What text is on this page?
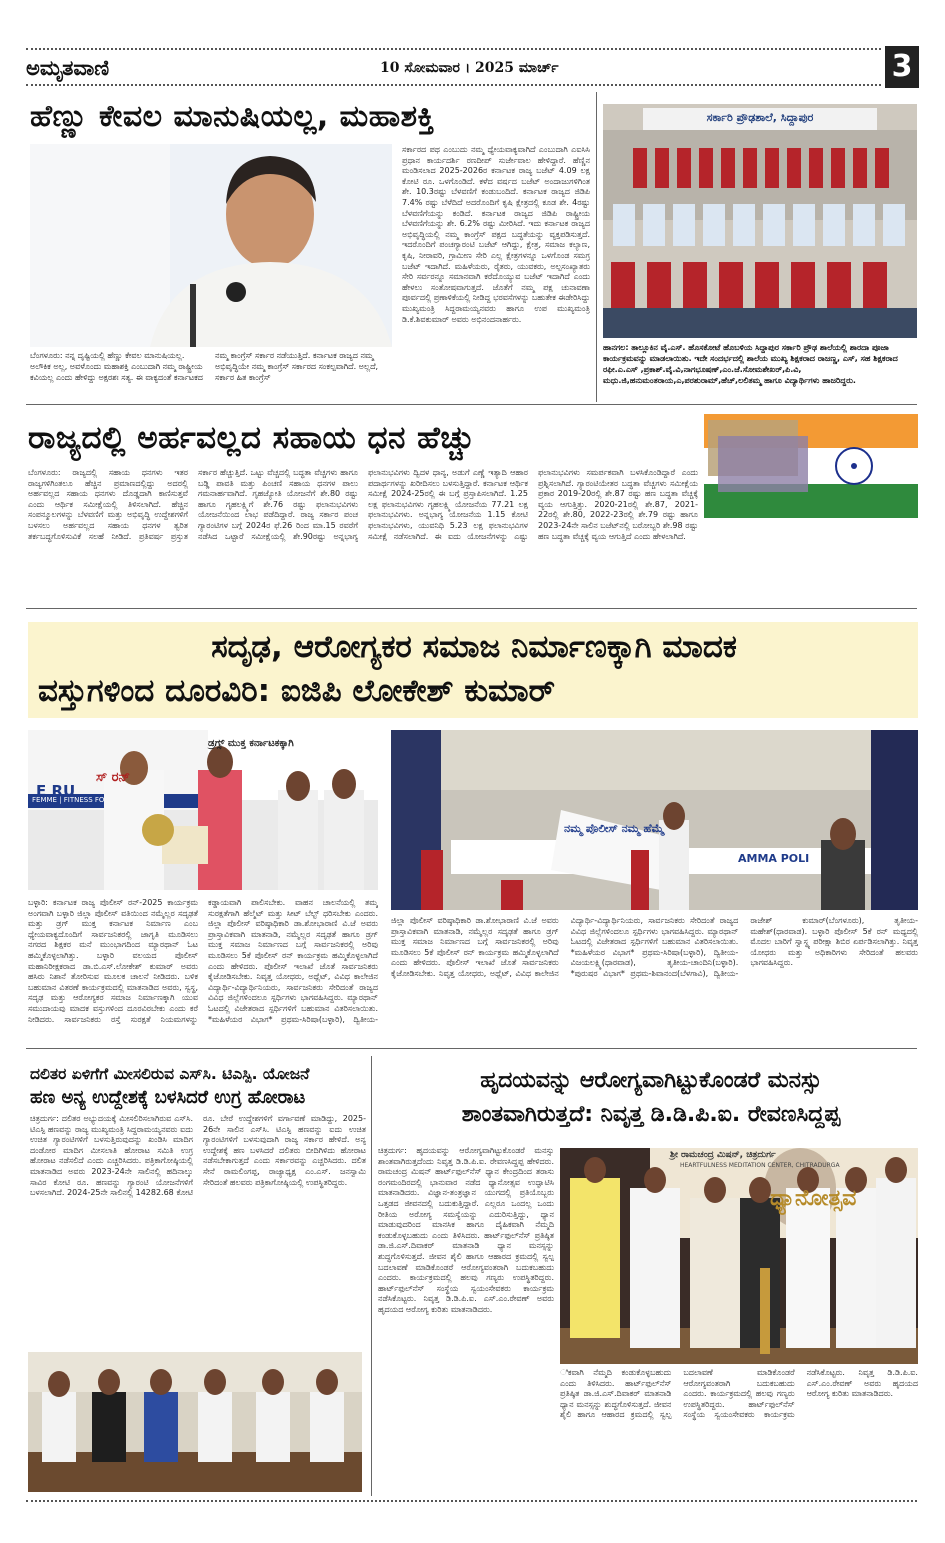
ಅಮೃತವಾಣಿ	10 ಸೋಮವಾರ । 2025 ಮಾರ್ಚ್	3
ಹೆಣ್ಣು ಕೇವಲ ಮಾನುಷಿಯಲ್ಲ, ಮಹಾಶಕ್ತಿ
ಬೆಂಗಳೂರು: ನನ್ನ ದೃಷ್ಟಿಯಲ್ಲಿ ಹೆಣ್ಣು ಕೇವಲ ಮಾನುಷಿಯಲ್ಲ. ಅಲೌಕಿಕ ಅಲ್ಲ, ಅವಳೊಂದು ಮಹಾಶಕ್ತಿ ಎಂಬುದಾಗಿ ನಮ್ಮ ರಾಷ್ಟ್ರೀಯ ಕವಿಯಲ್ಲ ಎಂದು ಹೇಳಿದ್ದು ಅಕ್ಷರಶಃ ಸತ್ಯ. ಈ ವಾಕ್ಯದಂತೆ ಕರ್ನಾಟಕದ ನಮ್ಮ ಕಾಂಗ್ರೆಸ್ ಸರ್ಕಾರ ನಡೆಯುತ್ತಿದೆ. ಕರ್ನಾಟಕ ರಾಜ್ಯದ ನಮ್ಮ ಅಭಿವೃದ್ಧಿಯೇ ನಮ್ಮ ಕಾಂಗ್ರೆಸ್ ಸರ್ಕಾರದ ಸಂಕಲ್ಪವಾಗಿದೆ. ಅಲ್ಲದೆ, ಸರ್ಕಾರ ಹಿತ ಕಾಂಗ್ರೆಸ್
ಸರ್ಕಾರದ ಪಥ ಎಂಬುದು ನಮ್ಮ ಧ್ಯೇಯವಾಕ್ಯವಾಗಿದೆ ಎಂಬುದಾಗಿ ಎಐಸಿಸಿ ಪ್ರಧಾನ ಕಾರ್ಯದರ್ಶಿ ರಣದೀಪ್ ಸುರ್ಜೇವಾಲ ಹೇಳಿದ್ದಾರೆ. ಹೆಣ್ಣಿನ ಮಂಡಿಸಲಾದ 2025-2026ರ ಕರ್ನಾಟಕ ರಾಜ್ಯ ಬಜೆಟ್ 4.09 ಲಕ್ಷ ಕೋಟಿ ರೂ. ಒಳಗೊಂಡಿದೆ. ಕಳೆದ ವರ್ಷದ ಬಜೆಟ್ ಅಂದಾಜುಗಳಿಗಿಂತ ಶೇ. 10.3ರಷ್ಟು ಬೆಳವಣಿಗೆ ಕಂಡುಬಂದಿದೆ. ಕರ್ನಾಟಕ ರಾಜ್ಯದ ಜಿಡಿಪಿ 7.4% ರಷ್ಟು ಬೆಳೆದಿದೆ ಅದರೊಂದಿಗೆ ಕೃಷಿ ಕ್ಷೇತ್ರದಲ್ಲಿ ಕೂಡ ಶೇ. 4ರಷ್ಟು ಬೆಳವಣಿಗೆಯನ್ನು ಕಂಡಿದೆ. ಕರ್ನಾಟಕ ರಾಜ್ಯದ ಜಿಡಿಪಿ ರಾಷ್ಟ್ರೀಯ ಬೆಳವಣಿಗೆಯನ್ನು ಶೇ. 6.2% ರಷ್ಟು ಮೀರಿಸಿದೆ. ಇದು ಕರ್ನಾಟಕ ರಾಜ್ಯದ ಅಭಿವೃದ್ಧಿಯಲ್ಲಿ ನಮ್ಮ ಕಾಂಗ್ರೆಸ್ ಪಕ್ಷದ ಬದ್ಧತೆಯನ್ನು ವ್ಯಕ್ತಪಡಿಸುತ್ತದೆ. ಇದರೊಂದಿಗೆ ಪಂಚಗ್ಯಾರಂಟಿ ಬಜೆಟ್ ಆಗಿದ್ದು, ಕ್ಷೇತ್ರ, ಸಮಾಜ ಕಲ್ಯಾಣ, ಕೃಷಿ, ನೀರಾವರಿ, ಗ್ರಾಮೀಣ ಸೇರಿ ಎಲ್ಲ ಕ್ಷೇತ್ರಗಳನ್ನೂ ಒಳಗೊಂಡ ಸಮಗ್ರ ಬಜೆಟ್ ಇದಾಗಿದೆ. ಮಹಿಳೆಯರು, ರೈತರು, ಯುವಕರು, ಅಲ್ಪಸಂಖ್ಯಾತರು ಸೇರಿ ಸರ್ವರನ್ನೂ ಸಮಾನವಾಗಿ ಕರೆದೊಯ್ಯುವ ಬಜೆಟ್ ಇದಾಗಿದೆ ಎಂದು ಹೇಳಲು ಸಂತೋಷವಾಗುತ್ತದೆ. ಜೊತೆಗೆ ನಮ್ಮ ಪಕ್ಷ ಚುನಾವಣಾ ಪೂರ್ವದಲ್ಲಿ ಪ್ರಣಾಳಿಕೆಯಲ್ಲಿ ನೀಡಿದ್ದ ಭರವಸೆಗಳನ್ನು ಬಹುತೇಕ ಈಡೇರಿಸಿದ್ದು ಮುಖ್ಯಮಂತ್ರಿ ಸಿದ್ದರಾಮಯ್ಯನವರು ಹಾಗೂ ಉಪ ಮುಖ್ಯಮಂತ್ರಿ ಡಿ.ಕೆ.ಶಿವಕುಮಾರ್ ಅವರು ಅಭಿನಂದನಾರ್ಹರು.
ಸರ್ಕಾರಿ ಪ್ರೌಢಶಾಲೆ, ಸಿದ್ದಾಪುರ
ಹಾನಗಲ: ತಾಲ್ಲೂಕಿನ ವೈ.ಎಸ್. ಹೊಸಕೋಟೆ ಹೊಬಳಿಯ ಸಿದ್ದಾಪುರ ಸರ್ಕಾರಿ ಪ್ರೌಢ ಶಾಲೆಯಲ್ಲಿ ಶಾರದಾ ಪೂಜಾ ಕಾರ್ಯಕ್ರಮವನ್ನು ಮಾಡಲಾಯಿತು. ಇದೇ ಸಂದರ್ಭದಲ್ಲಿ ಶಾಲೆಯ ಮುಖ್ಯ ಶಿಕ್ಷಕರಾದ ರಾಜಣ್ಣ, ಎಸ್, ಸಹ ಶಿಕ್ಷಕರಾದ ರಫೀ.ಎ.ಎಸ್ ,ಪ್ರಕಾಶ್.ವೈ.ವಿ,ನಾಗಭೂಷಣ್,ಎಂ.ಜೆ.ಸೋಮಶೇಖರ್,ಪಿ.ವಿ, ಮಧು.ಜಿ,ಹನುಮಂತರಾಯ,ಎ,ಪರಶುರಾಮ್,ಹೆಚ್,ಲಲಿತಮ್ಮ ಹಾಗೂ ವಿದ್ಯಾರ್ಥಿಗಳು ಹಾಜರಿದ್ದರು.
ರಾಜ್ಯದಲ್ಲಿ ಅರ್ಹವಲ್ಲದ ಸಹಾಯ ಧನ ಹೆಚ್ಚು
ಬೆಂಗಳೂರು: ರಾಜ್ಯದಲ್ಲಿ ಸಹಾಯ ಧನಗಳು ಇತರ ರಾಜ್ಯಗಳಿಗಿಂತಲೂ ಹೆಚ್ಚಿನ ಪ್ರಮಾಣದಲ್ಲಿದ್ದು ಅದರಲ್ಲಿ ಅರ್ಹವಲ್ಲದ ಸಹಾಯ ಧನಗಳು ದೊಡ್ಡದಾಗಿ ಕಾಣಿಸುತ್ತವೆ ಎಂದು ಆರ್ಥಿಕ ಸಮೀಕ್ಷೆಯಲ್ಲಿ ತಿಳಿಸಲಾಗಿದೆ. ಹೆಚ್ಚಿನ ಸಂಪನ್ಮೂಲಗಳನ್ನು ಬೆಳವಣಿಗೆ ಮತ್ತು ಅಭಿವೃದ್ಧಿ ಉದ್ದೇಶಗಳಿಗೆ ಬಳಸಲು ಅರ್ಹವಲ್ಲದ ಸಹಾಯ ಧನಗಳ ತ್ವರಿತ ತರ್ಕಬದ್ಧಗೊಳಿಸುವಿಕೆ ಸಲಹೆ ನೀಡಿದೆ. ಪ್ರತಿವರ್ಷ ಪ್ರಸ್ತುತ ಸರ್ಕಾರ ಹೆಚ್ಚುತ್ತಿದೆ. ಒಟ್ಟು ವೆಚ್ಚದಲ್ಲಿ ಬದ್ಧತಾ ವೆಚ್ಚಗಳು ಹಾಗೂ ಬಡ್ಡಿ ಪಾವತಿ ಮತ್ತು ಪಿಂಚಣಿ ಸಹಾಯ ಧನಗಳ ಪಾಲು ಗಮನಾರ್ಹವಾಗಿದೆ. ಗೃಹಜ್ಯೋತಿ ಯೋಜನೆಗೆ ಶೇ.80 ರಷ್ಟು ಹಾಗೂ ಗೃಹಲಕ್ಷ್ಮಿಗೆ ಶೇ.76 ರಷ್ಟು ಫಲಾನುಭವಿಗಳು ಯೋಜನೆಯಿಂದ ಲಾಭ ಪಡೆದಿದ್ದಾರೆ. ರಾಜ್ಯ ಸರ್ಕಾರ ಪಂಚ ಗ್ಯಾರಂಟಿಗಳ ಬಗ್ಗೆ 2024ರ ಫೆ.26 ರಿಂದ ಮಾ.15 ರವರೆಗೆ ನಡೆಸಿದ ಒಟ್ಟಾರೆ ಸಮೀಕ್ಷೆಯಲ್ಲಿ ಶೇ.90ರಷ್ಟು ಅನ್ನಭಾಗ್ಯ ಫಲಾನುಭವಿಗಳು ದ್ವಿದಳ ಧಾನ್ಯ, ಅಡುಗೆ ಎಣ್ಣೆ ಇತ್ಯಾದಿ ಆಹಾರ ಪದಾರ್ಥಗಳನ್ನು ಖರೀದಿಸಲು ಬಳಸುತ್ತಿದ್ದಾರೆ. ಕರ್ನಾಟಕ ಆರ್ಥಿಕ ಸಮೀಕ್ಷೆ 2024-25ರಲ್ಲಿ ಈ ಬಗ್ಗೆ ಪ್ರಸ್ತಾಪಿಸಲಾಗಿದೆ. 1.25 ಲಕ್ಷ ಫಲಾನುಭವಿಗಳು ಗೃಹಲಕ್ಷ್ಮಿ ಯೋಜನೆಯ 77.21 ಲಕ್ಷ ಫಲಾನುಭವಿಗಳು. ಅನ್ನಭಾಗ್ಯ ಯೋಜನೆಯ 1.15 ಕೋಟಿ ಫಲಾನುಭವಿಗಳು, ಯುವನಿಧಿ 5.23 ಲಕ್ಷ ಫಲಾನುಭವಿಗಳ ಸಮೀಕ್ಷೆ ನಡೆಸಲಾಗಿದೆ. ಈ ಐದು ಯೋಜನೆಗಳನ್ನು ಎಷ್ಟು ಫಲಾನುಭವಿಗಳು ಸಮರ್ಪಕವಾಗಿ ಬಳಸಿಕೊಂಡಿದ್ದಾರೆ ಎಂದು ಪ್ರಶ್ನಿಸಲಾಗಿದೆ. ಗ್ಯಾರಂಟಿಯೇತರ ಬದ್ಧತಾ ವೆಚ್ಚಗಳು ಸಮೀಕ್ಷೆಯ ಪ್ರಕಾರ 2019-20ರಲ್ಲಿ ಶೇ.87 ರಷ್ಟು ಹಣ ಬದ್ಧತಾ ವೆಚ್ಚಕ್ಕೆ ವ್ಯಯ ಆಗುತ್ತಿತ್ತು. 2020-21ರಲ್ಲಿ ಶೇ.87, 2021-22ರಲ್ಲಿ ಶೇ.80, 2022-23ರಲ್ಲಿ ಶೇ.79 ರಷ್ಟು ಹಾಗೂ 2023-24ನೇ ಸಾಲಿನ ಬಜೆಟ್‌ನಲ್ಲಿ ಬರೋಬ್ಬರಿ ಶೇ.98 ರಷ್ಟು ಹಣ ಬದ್ಧತಾ ವೆಚ್ಚಕ್ಕೆ ವ್ಯಯ ಆಗುತ್ತಿದೆ ಎಂದು ಹೇಳಲಾಗಿದೆ.
ಸದೃಢ, ಆರೋಗ್ಯಕರ ಸಮಾಜ ನಿರ್ಮಾಣಕ್ಕಾಗಿ ಮಾದಕ
ವಸ್ತುಗಳಿಂದ ದೂರವಿರಿ: ಐಜಿಪಿ ಲೋಕೇಶ್ ಕುಮಾರ್
ಡ್ರಗ್ಸ್ ಮುಕ್ತ ಕರ್ನಾಟಕಕ್ಕಾಗಿ
ಸ್ ರನ್
E RU
FEMME | FITNESS FO
ನಮ್ಮ ಪೊಲೀಸ್ ನಮ್ಮ ಹೆಮ್ಮೆ
AMMA POLI
ಬಳ್ಳಾರಿ: ಕರ್ನಾಟಕ ರಾಜ್ಯ ಪೊಲೀಸ್ ರನ್-2025 ಕಾರ್ಯಕ್ರಮ ಅಂಗವಾಗಿ ಬಳ್ಳಾರಿ ಜಿಲ್ಲಾ ಪೊಲೀಸ್ ವತಿಯಿಂದ ನಮ್ಮೆಲ್ಲರ ಸದೃಢತೆ ಮತ್ತು ಡ್ರಗ್ ಮುಕ್ತ ಕರ್ನಾಟಕ ನಿರ್ಮಾಣ ಎಂಬ ಧ್ಯೇಯವಾಕ್ಯದೊಂದಿಗೆ ಸಾರ್ವಜನಿಕರಲ್ಲಿ ಜಾಗೃತಿ ಮೂಡಿಸಲು ನಗರದ ಶಿಕ್ಷಕರ ಮನೆ ಮುಂಭಾಗದಿಂದ ಮ್ಯಾರಥಾನ್ ಓಟ ಹಮ್ಮಿಕೊಳ್ಳಲಾಗಿತ್ತು. ಬಳ್ಳಾರಿ ವಲಯದ ಪೊಲೀಸ್ ಮಹಾನಿರೀಕ್ಷಕರಾದ ಡಾ.ಬಿ.ಎಸ್.ಲೋಕೇಶ್ ಕುಮಾರ್ ಅವರು ಹಸಿರು ನಿಶಾನೆ ತೋರಿಸುವ ಮೂಲಕ ಚಾಲನೆ ನೀಡಿದರು. ಬಳಿಕ ಬಹುಮಾನ ವಿತರಣೆ ಕಾರ್ಯಕ್ರಮದಲ್ಲಿ ಮಾತನಾಡಿದ ಅವರು, ಸ್ವಸ್ಥ, ಸದೃಢ ಮತ್ತು ಆರೋಗ್ಯಕರ ಸಮಾಜ ನಿರ್ಮಾಣಕ್ಕಾಗಿ ಯುವ ಸಮುದಾಯವು ಮಾದಕ ವಸ್ತುಗಳಿಂದ ದೂರವಿರಬೇಕು ಎಂದು ಕರೆ ನೀಡಿದರು. ಸಾರ್ವಜನಿಕರು ರಸ್ತೆ ಸುರಕ್ಷತೆ ನಿಯಮಗಳನ್ನು ಕಡ್ಡಾಯವಾಗಿ ಪಾಲಿಸಬೇಕು. ವಾಹನ ಚಾಲನೆಯಲ್ಲಿ ತಮ್ಮ ಸುರಕ್ಷತೆಗಾಗಿ ಹೆಲ್ಮೆಟ್ ಮತ್ತು ಸೀಟ್ ಬೆಲ್ಟ್ ಧರಿಸಬೇಕು ಎಂದರು. ಜಿಲ್ಲಾ ಪೊಲೀಸ್ ವರಿಷ್ಠಾಧಿಕಾರಿ ಡಾ.ಶೋಭಾರಾಣಿ ವಿ.ಜೆ ಅವರು ಪ್ರಾಸ್ತಾವಿಕವಾಗಿ ಮಾತನಾಡಿ, ನಮ್ಮೆಲ್ಲರ ಸದೃಢತೆ ಹಾಗೂ ಡ್ರಗ್ ಮುಕ್ತ ಸಮಾಜ ನಿರ್ಮಾಣದ ಬಗ್ಗೆ ಸಾರ್ವಜನಿಕರಲ್ಲಿ ಅರಿವು ಮೂಡಿಸಲು 5ಕೆ ಪೊಲೀಸ್ ರನ್ ಕಾರ್ಯಕ್ರಮ ಹಮ್ಮಿಕೊಳ್ಳಲಾಗಿದೆ ಎಂದು ಹೇಳಿದರು. ಪೊಲೀಸ್ ಇಲಾಖೆ ಜೊತೆ ಸಾರ್ವಜನಿಕರು ಕೈಜೋಡಿಸಬೇಕು. ನಿವೃತ್ತ ಯೋಧರು, ಅಥ್ಲೆಟ್, ವಿವಿಧ ಕಾಲೇಜಿನ ವಿದ್ಯಾರ್ಥಿ-ವಿದ್ಯಾರ್ಥಿನಿಯರು, ಸಾರ್ವಜನಿಕರು ಸೇರಿದಂತೆ ರಾಜ್ಯದ ವಿವಿಧ ಜಿಲ್ಲೆಗಳಿಂದಲೂ ಸ್ಪರ್ಧಿಗಳು ಭಾಗವಹಿಸಿದ್ದರು. ಮ್ಯಾರಥಾನ್ ಓಟದಲ್ಲಿ ವಿಜೇತರಾದ ಸ್ಪರ್ಧಿಗಳಿಗೆ ಬಹುಮಾನ ವಿತರಿಸಲಾಯಿತು. *ಮಹಿಳೆಯರ ವಿಭಾಗ* ಪ್ರಥಮ-ಸಿರಿಷಾ(ಬಳ್ಳಾರಿ), ದ್ವಿತೀಯ-
ಜಿಲ್ಲಾ ಪೊಲೀಸ್ ವರಿಷ್ಠಾಧಿಕಾರಿ ಡಾ.ಶೋಭಾರಾಣಿ ವಿ.ಜೆ ಅವರು ಪ್ರಾಸ್ತಾವಿಕವಾಗಿ ಮಾತನಾಡಿ, ನಮ್ಮೆಲ್ಲರ ಸದೃಢತೆ ಹಾಗೂ ಡ್ರಗ್ ಮುಕ್ತ ಸಮಾಜ ನಿರ್ಮಾಣದ ಬಗ್ಗೆ ಸಾರ್ವಜನಿಕರಲ್ಲಿ ಅರಿವು ಮೂಡಿಸಲು 5ಕೆ ಪೊಲೀಸ್ ರನ್ ಕಾರ್ಯಕ್ರಮ ಹಮ್ಮಿಕೊಳ್ಳಲಾಗಿದೆ ಎಂದು ಹೇಳಿದರು. ಪೊಲೀಸ್ ಇಲಾಖೆ ಜೊತೆ ಸಾರ್ವಜನಿಕರು ಕೈಜೋಡಿಸಬೇಕು. ನಿವೃತ್ತ ಯೋಧರು, ಅಥ್ಲೆಟ್, ವಿವಿಧ ಕಾಲೇಜಿನ ವಿದ್ಯಾರ್ಥಿ-ವಿದ್ಯಾರ್ಥಿನಿಯರು, ಸಾರ್ವಜನಿಕರು ಸೇರಿದಂತೆ ರಾಜ್ಯದ ವಿವಿಧ ಜಿಲ್ಲೆಗಳಿಂದಲೂ ಸ್ಪರ್ಧಿಗಳು ಭಾಗವಹಿಸಿದ್ದರು. ಮ್ಯಾರಥಾನ್ ಓಟದಲ್ಲಿ ವಿಜೇತರಾದ ಸ್ಪರ್ಧಿಗಳಿಗೆ ಬಹುಮಾನ ವಿತರಿಸಲಾಯಿತು. *ಮಹಿಳೆಯರ ವಿಭಾಗ* ಪ್ರಥಮ-ಸಿರಿಷಾ(ಬಳ್ಳಾರಿ), ದ್ವಿತೀಯ-ವಿಜಯಲಕ್ಷ್ಮಿ(ಧಾರವಾಡ), ತೃತೀಯ-ಚಾಂದಿನಿ(ಬಳ್ಳಾರಿ). *ಪುರುಷರ ವಿಭಾಗ* ಪ್ರಥಮ-ಶಿವಾನಂದ(ಬೆಳಗಾವಿ), ದ್ವಿತೀಯ-ರಾಜೇಶ್ ಕುಮಾರ್(ಬೆಂಗಳೂರು), ತೃತೀಯ-ಮಹೇಶ್(ಧಾರವಾಡ). ಬಳ್ಳಾರಿ ಪೊಲೀಸ್ 5ಕೆ ರನ್ ಮಧ್ಯದಲ್ಲಿ ಮೊದಲ ಬಾರಿಗೆ ಸ್ವಾಸ್ಥ್ಯ ಪರೀಕ್ಷಾ ಶಿಬಿರ ಏರ್ಪಡಿಸಲಾಗಿತ್ತು. ನಿವೃತ್ತ ಯೋಧರು ಮತ್ತು ಅಧಿಕಾರಿಗಳು ಸೇರಿದಂತೆ ಹಲವರು ಭಾಗವಹಿಸಿದ್ದರು.
ದಲಿತರ ಏಳಿಗೆಗೆ ಮೀಸಲಿರುವ ಎಸ್‌ಸಿ. ಟಿಎಸ್ಪಿ. ಯೋಜನೆ
ಹಣ ಅನ್ಯ ಉದ್ದೇಶಕ್ಕೆ ಬಳಸಿದರೆ ಉಗ್ರ ಹೋರಾಟ
ಚಿತ್ರದುರ್ಗ: ದಲಿತರ ಅಭ್ಯುದಯಕ್ಕೆ ಮೀಸಲಿರಿಸಲಾಗಿರುವ ಎಸ್‌ಸಿ. ಟಿಎಸ್ಪಿ ಹಣವನ್ನು ರಾಜ್ಯ ಮುಖ್ಯಮಂತ್ರಿ ಸಿದ್ದರಾಮಯ್ಯನವರು ಐದು ಉಚಿತ ಗ್ಯಾರಂಟಿಗಳಿಗೆ ಬಳಸುತ್ತಿರುವುದನ್ನು ಖಂಡಿಸಿ ಮಾದಿಗ ದಂಡೋರ ಮಾದಿಗ ಮೀಸಲಾತಿ ಹೋರಾಟ ಸಮಿತಿ ಉಗ್ರ ಹೋರಾಟ ನಡೆಸಲಿದೆ ಎಂದು ಎಚ್ಚರಿಸಿದರು. ಪತ್ರಿಕಾಗೋಷ್ಠಿಯಲ್ಲಿ ಮಾತನಾಡಿದ ಅವರು 2023-24ನೇ ಸಾಲಿನಲ್ಲಿ ಹದಿನಾಲ್ಕು ಸಾವಿರ ಕೋಟಿ ರೂ. ಹಣವನ್ನು ಗ್ಯಾರಂಟಿ ಯೋಜನೆಗಳಿಗೆ ಬಳಸಲಾಗಿದೆ. 2024-25ನೇ ಸಾಲಿನಲ್ಲಿ 14282.68 ಕೋಟಿ ರೂ. ಬೇರೆ ಉದ್ದೇಶಗಳಿಗೆ ವರ್ಗಾವಣೆ ಮಾಡಿದ್ದು, 2025-26ನೇ ಸಾಲಿನ ಎಸ್‌ಸಿ. ಟಿಎಸ್ಪಿ ಹಣವನ್ನು ಐದು ಉಚಿತ ಗ್ಯಾರಂಟಿಗಳಿಗೆ ಬಳಸುವುದಾಗಿ ರಾಜ್ಯ ಸರ್ಕಾರ ಹೇಳಿದೆ. ಅನ್ಯ ಉದ್ದೇಶಕ್ಕೆ ಹಣ ಬಳಸಿದರೆ ದಲಿತರು ಬೀದಿಗಿಳಿದು ಹೋರಾಟ ನಡೆಸಬೇಕಾಗುತ್ತದೆ ಎಂದು ಸರ್ಕಾರವನ್ನು ಎಚ್ಚರಿಸಿದರು. ದಲಿತ ಸೇನೆ ರಾಮಲಿಂಗಪ್ಪ, ರಾಜ್ಯಾಧ್ಯಕ್ಷ ಎಂ.ಎಸ್. ಜನಸ್ವಾಮಿ ಸೇರಿದಂತೆ ಹಲವರು ಪತ್ರಿಕಾಗೋಷ್ಠಿಯಲ್ಲಿ ಉಪಸ್ಥಿತರಿದ್ದರು.
ಹೃದಯವನ್ನು ಆರೋಗ್ಯವಾಗಿಟ್ಟುಕೊಂಡರೆ ಮನಸ್ಸು
ಶಾಂತವಾಗಿರುತ್ತದೆ: ನಿವೃತ್ತ ಡಿ.ಡಿ.ಪಿ.ಐ. ರೇವಣಸಿದ್ದಪ್ಪ
ಚಿತ್ರದುರ್ಗ: ಹೃದಯವನ್ನು ಆರೋಗ್ಯವಾಗಿಟ್ಟುಕೊಂಡರೆ ಮನಸ್ಸು ಶಾಂತವಾಗಿರುತ್ತದೆಂದು ನಿವೃತ್ತ ಡಿ.ಡಿ.ಪಿ.ಐ. ರೇವಣಸಿದ್ದಪ್ಪ ಹೇಳಿದರು. ರಾಮಚಂದ್ರ ಮಿಷನ್ ಹಾರ್ಟ್‌ಫುಲ್‌ನೆಸ್ ಧ್ಯಾನ ಕೇಂದ್ರದಿಂದ ತರಾಸು ರಂಗಮಂದಿರದಲ್ಲಿ ಭಾನುವಾರ ನಡೆದ ಧ್ಯಾನೋತ್ಸವ ಉದ್ಘಾಟಿಸಿ ಮಾತನಾಡಿದರು. ವಿಜ್ಞಾನ-ತಂತ್ರಜ್ಞಾನ ಯುಗದಲ್ಲಿ ಪ್ರತಿಯೊಬ್ಬರು ಒತ್ತಡದ ಜೀವನದಲ್ಲಿ ಬದುಕುತ್ತಿದ್ದಾರೆ. ಎಲ್ಲರೂ ಒಂದಲ್ಲ ಒಂದು ರೀತಿಯ ಅರೋಗ್ಯ ಸಮಸ್ಯೆಯನ್ನು ಎದುರಿಸುತ್ತಿದ್ದು, ಧ್ಯಾನ ಮಾಡುವುದರಿಂದ ಮಾನಸಿಕ ಹಾಗೂ ದೈಹಿಕವಾಗಿ ನೆಮ್ಮದಿ ಕಂಡುಕೊಳ್ಳಬಹುದು ಎಂದು ತಿಳಿಸಿದರು. ಹಾರ್ಟ್‌ಫುಲ್‌ನೆಸ್ ಪ್ರತಿಷ್ಠಿತ ಡಾ.ಜಿ.ಎಸ್.ದಿವಾಕರ್ ಮಾತನಾಡಿ ಧ್ಯಾನ ಮನಸ್ಸನ್ನು ಶುದ್ಧಗೊಳಿಸುತ್ತದೆ. ಜೀವನ ಶೈಲಿ ಹಾಗೂ ಆಹಾರದ ಕ್ರಮದಲ್ಲಿ ಸ್ವಲ್ಪ ಬದಲಾವಣೆ ಮಾಡಿಕೊಂಡರೆ ಆರೋಗ್ಯವಂತರಾಗಿ ಬದುಕಬಹುದು ಎಂದರು. ಕಾರ್ಯಕ್ರಮದಲ್ಲಿ ಹಲವು ಗಣ್ಯರು ಉಪಸ್ಥಿತರಿದ್ದರು. ಹಾರ್ಟ್‌ಫುಲ್‌ನೆಸ್ ಸಂಸ್ಥೆಯ ಸ್ವಯಂಸೇವಕರು ಕಾರ್ಯಕ್ರಮ ನಡೆಸಿಕೊಟ್ಟರು. ನಿವೃತ್ತ ಡಿ.ಡಿ.ಪಿ.ಐ. ಎಸ್.ಎಂ.ರೇವಣ್ ಅವರು ಹೃದಯದ ಆರೋಗ್ಯ ಕುರಿತು ಮಾತನಾಡಿದರು.
ಶ್ರೀ ರಾಮಚಂದ್ರ ಮಿಷನ್, ಚಿತ್ರದುರ್ಗ
HEARTFULNESS MEDITATION CENTER, CHITRADURGA
ಧ್ಯಾನೋತ್ಸವ
ಿಕವಾಗಿ ನೆಮ್ಮದಿ ಕಂಡುಕೊಳ್ಳಬಹುದು ಎಂದು ತಿಳಿಸಿದರು. ಹಾರ್ಟ್‌ಫುಲ್‌ನೆಸ್ ಪ್ರತಿಷ್ಠಿತ ಡಾ.ಜಿ.ಎಸ್.ದಿವಾಕರ್ ಮಾತನಾಡಿ ಧ್ಯಾನ ಮನಸ್ಸನ್ನು ಶುದ್ಧಗೊಳಿಸುತ್ತದೆ. ಜೀವನ ಶೈಲಿ ಹಾಗೂ ಆಹಾರದ ಕ್ರಮದಲ್ಲಿ ಸ್ವಲ್ಪ ಬದಲಾವಣೆ ಮಾಡಿಕೊಂಡರೆ ಆರೋಗ್ಯವಂತರಾಗಿ ಬದುಕಬಹುದು ಎಂದರು. ಕಾರ್ಯಕ್ರಮದಲ್ಲಿ ಹಲವು ಗಣ್ಯರು ಉಪಸ್ಥಿತರಿದ್ದರು. ಹಾರ್ಟ್‌ಫುಲ್‌ನೆಸ್ ಸಂಸ್ಥೆಯ ಸ್ವಯಂಸೇವಕರು ಕಾರ್ಯಕ್ರಮ ನಡೆಸಿಕೊಟ್ಟರು. ನಿವೃತ್ತ ಡಿ.ಡಿ.ಪಿ.ಐ. ಎಸ್.ಎಂ.ರೇವಣ್ ಅವರು ಹೃದಯದ ಆರೋಗ್ಯ ಕುರಿತು ಮಾತನಾಡಿದರು.
